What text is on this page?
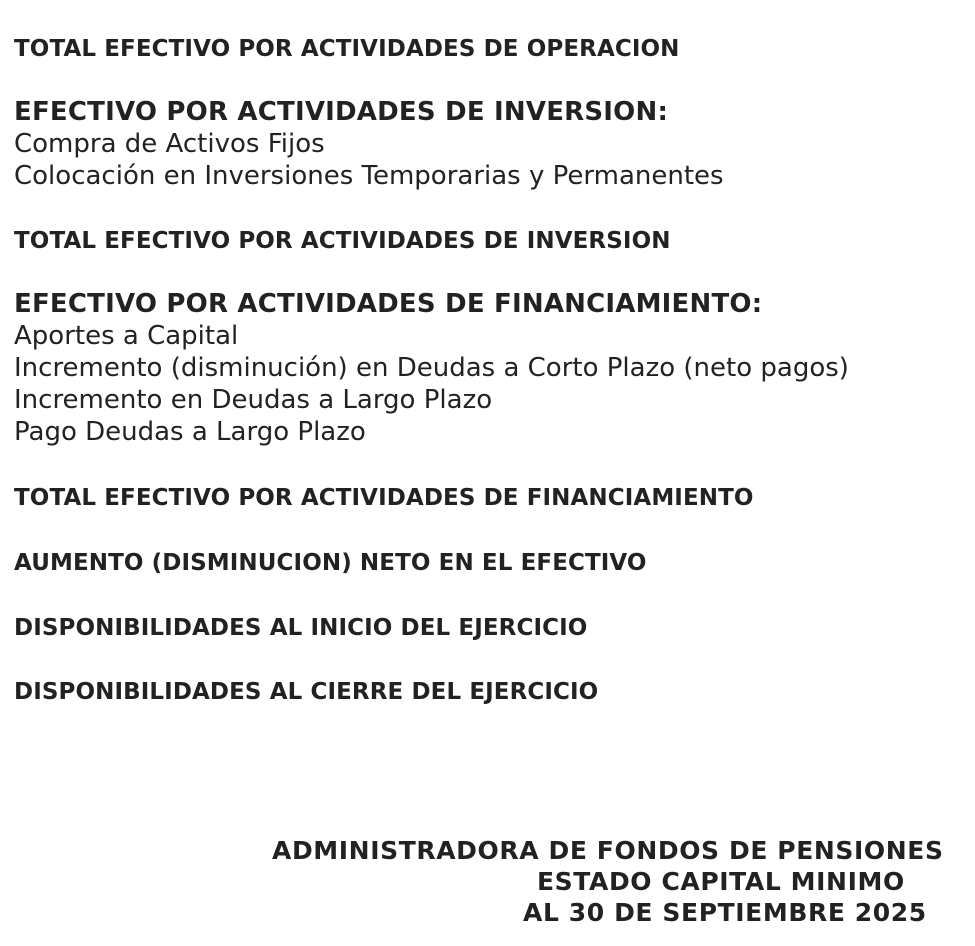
TOTAL EFECTIVO POR ACTIVIDADES DE OPERACION
EFECTIVO POR ACTIVIDADES DE INVERSION:
Compra de Activos Fijos
Colocación en Inversiones Temporarias y Permanentes
TOTAL EFECTIVO POR ACTIVIDADES DE INVERSION
EFECTIVO POR ACTIVIDADES DE FINANCIAMIENTO:
Aportes a Capital
Incremento (disminución) en Deudas a Corto Plazo (neto pagos)
Incremento en Deudas a Largo Plazo
Pago Deudas a Largo Plazo
TOTAL EFECTIVO POR ACTIVIDADES DE FINANCIAMIENTO
AUMENTO (DISMINUCION) NETO EN EL EFECTIVO
DISPONIBILIDADES AL INICIO DEL EJERCICIO
DISPONIBILIDADES AL CIERRE DEL EJERCICIO
ADMINISTRADORA DE FONDOS DE PENSIONES
ESTADO CAPITAL MINIMO
AL 30 DE SEPTIEMBRE 2025
